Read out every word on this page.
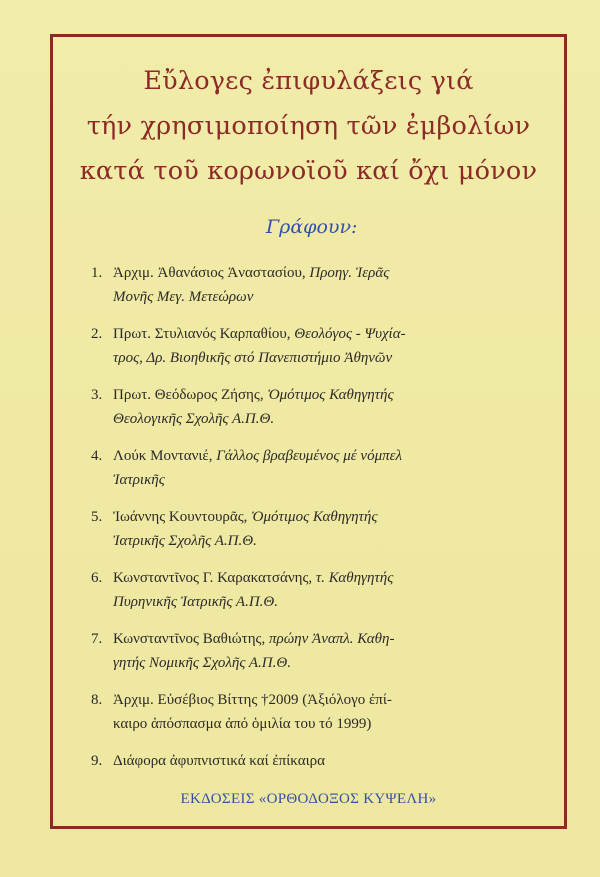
Εὔλογες ἐπιφυλάξεις γιά
τήν χρησιμοποίηση τῶν ἐμβολίων
κατά τοῦ κορωνοϊοῦ καί ὄχι μόνον
Γράφουν:
1. Ἀρχιμ. Ἀθανάσιος Ἀναστασίου, Προηγ. Ἱερᾶς
Μονῆς Μεγ. Μετεώρων
2. Πρωτ. Στυλιανός Καρπαθίου, Θεολόγος - Ψυχία-
τρος, Δρ. Βιοηθικῆς στό Πανεπιστήμιο Ἀθηνῶν
3. Πρωτ. Θεόδωρος Ζήσης, Ὁμότιμος Καθηγητής
Θεολογικῆς Σχολῆς Α.Π.Θ.
4. Λούκ Μοντανιέ, Γάλλος βραβευμένος μέ νόμπελ
Ἰατρικῆς
5. Ἰωάννης Κουντουρᾶς, Ὁμότιμος Καθηγητής
Ἰατρικῆς Σχολῆς Α.Π.Θ.
6. Κωνσταντῖνος Γ. Καρακατσάνης, τ. Καθηγητής
Πυρηνικῆς Ἰατρικῆς Α.Π.Θ.
7. Κωνσταντῖνος Βαθιώτης, πρώην Ἀναπλ. Καθη-
γητής Νομικῆς Σχολῆς Α.Π.Θ.
8. Ἀρχιμ. Εὐσέβιος Βίττης †2009 (Ἀξιόλογο ἐπί-
καιρο ἀπόσπασμα ἀπό ὁμιλία του τό 1999)
9. Διάφορα ἀφυπνιστικά καί ἐπίκαιρα
ΕΚΔΟΣΕΙΣ «ΟΡΘΟΔΟΞΟΣ ΚΥΨΕΛΗ»
